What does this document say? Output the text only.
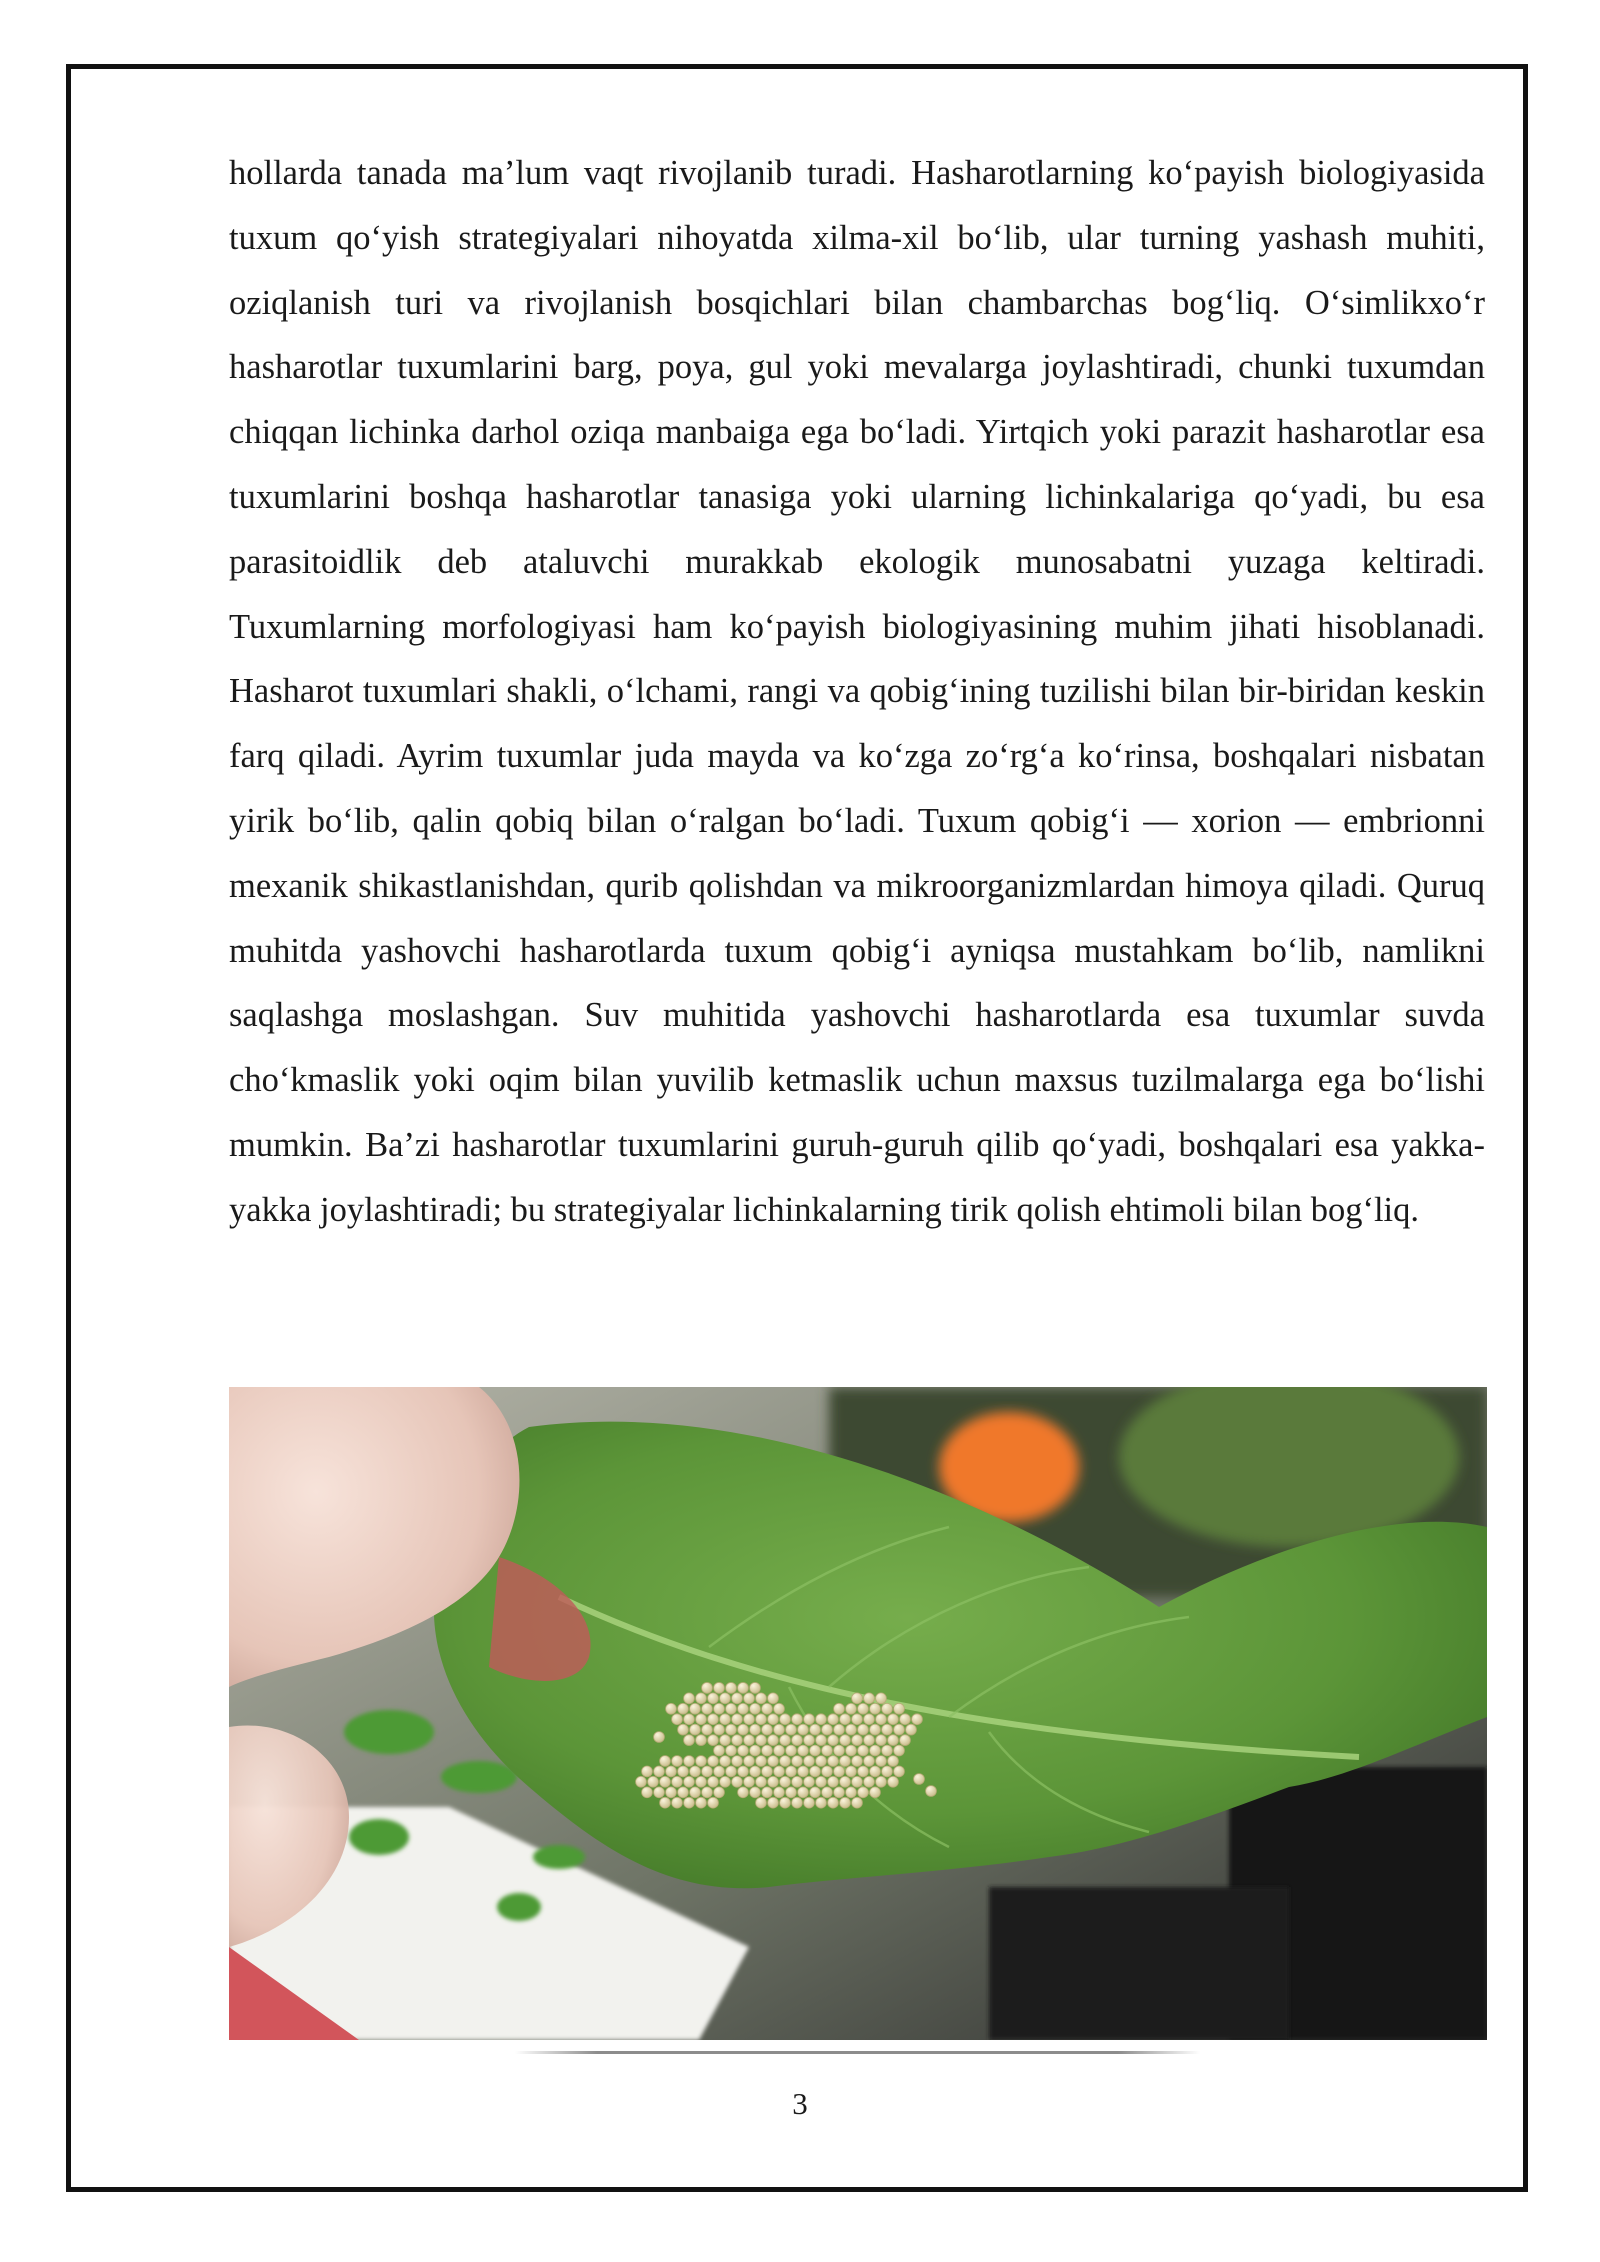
hollarda tanada ma’lum vaqt rivojlanib turadi. Hasharotlarning ko‘payish biologiyasida tuxum qo‘yish strategiyalari nihoyatda xilma-xil bo‘lib, ular turning yashash muhiti, oziqlanish turi va rivojlanish bosqichlari bilan chambarchas bog‘liq. O‘simlikxo‘r hasharotlar tuxumlarini barg, poya, gul yoki mevalarga joylashtiradi, chunki tuxumdan chiqqan lichinka darhol oziqa manbaiga ega bo‘ladi. Yirtqich yoki parazit hasharotlar esa tuxumlarini boshqa hasharotlar tanasiga yoki ularning lichinkalariga qo‘yadi, bu esa parasitoidlik deb ataluvchi murakkab ekologik munosabatni yuzaga keltiradi. Tuxumlarning morfologiyasi ham ko‘payish biologiyasining muhim jihati hisoblanadi. Hasharot tuxumlari shakli, o‘lchami, rangi va qobig‘ining tuzilishi bilan bir-biridan keskin farq qiladi. Ayrim tuxumlar juda mayda va ko‘zga zo‘rg‘a ko‘rinsa, boshqalari nisbatan yirik bo‘lib, qalin qobiq bilan o‘ralgan bo‘ladi. Tuxum qobig‘i — xorion — embrionni mexanik shikastlanishdan, qurib qolishdan va mikroorganizmlardan himoya qiladi. Quruq muhitda yashovchi hasharotlarda tuxum qobig‘i ayniqsa mustahkam bo‘lib, namlikni saqlashga moslashgan. Suv muhitida yashovchi hasharotlarda esa tuxumlar suvda cho‘kmaslik yoki oqim bilan yuvilib ketmaslik uchun maxsus tuzilmalarga ega bo‘lishi mumkin. Ba’zi hasharotlar tuxumlarini guruh-guruh qilib qo‘yadi, boshqalari esa yakka-yakka joylashtiradi; bu strategiyalar lichinkalarning tirik qolish ehtimoli bilan bog‘liq.

3
